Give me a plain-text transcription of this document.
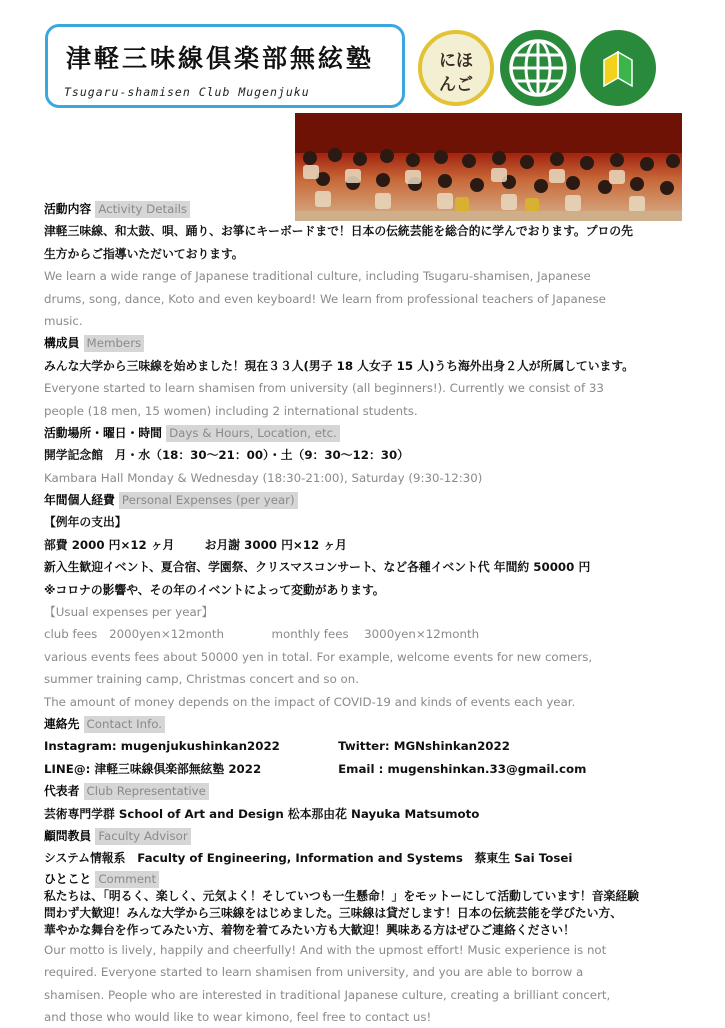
津軽三味線倶楽部無絃塾
Tsugaru-shamisen Club Mugenjuku
にほ
んご
活動内容 Activity Details
津軽三味線、和太鼓、唄、踊り、お箏にキーボードまで！日本の伝統芸能を総合的に学んでおります。プロの先
生方からご指導いただいております。
We learn a wide range of Japanese traditional culture, including Tsugaru-shamisen, Japanese
drums, song, dance, Koto and even keyboard! We learn from professional teachers of Japanese
music.
構成員 Members
みんな大学から三味線を始めました！現在３３人(男子 18 人女子 15 人)うち海外出身２人が所属しています。
Everyone started to learn shamisen from university (all beginners!). Currently we consist of 33
people (18 men, 15 women) including 2 international students.
活動場所・曜日・時間 Days & Hours, Location, etc.
開学記念館　月・水（18：30〜21：00）・土（9：30〜12：30）
Kambara Hall Monday & Wednesday (18:30-21:00), Saturday (9:30-12:30)
年間個人経費 Personal Expenses (per year)
【例年の支出】
部費 2000 円×12 ヶ月	お月謝 3000 円×12 ヶ月
新入生歓迎イベント、夏合宿、学園祭、クリスマスコンサート、など各種イベント代 年間約 50000 円
※コロナの影響や、その年のイベントによって変動があります。
【Usual expenses per year】
club fees　2000yen×12month	monthly fees　 3000yen×12month
various events fees about 50000 yen in total. For example, welcome events for new comers,
summer training camp, Christmas concert and so on.
The amount of money depends on the impact of COVID-19 and kinds of events each year.
連絡先 Contact Info.
Instagram: mugenjukushinkan2022	Twitter: MGNshinkan2022
LINE@: 津軽三味線倶楽部無絃塾 2022	Email : mugenshinkan.33@gmail.com
代表者 Club Representative
芸術専門学群 School of Art and Design 松本那由花 Nayuka Matsumoto
顧問教員 Faculty Advisor
システム情報系　Faculty of Engineering, Information and Systems　蔡東生 Sai Tosei
ひとこと Comment
私たちは、「明るく、楽しく、元気よく！そしていつも一生懸命！」をモットーにして活動しています！音楽経験
問わず大歓迎！みんな大学から三味線をはじめました。三味線は貸だします！日本の伝統芸能を学びたい方、
華やかな舞台を作ってみたい方、着物を着てみたい方も大歓迎！興味ある方はぜひご連絡ください！
Our motto is lively, happily and cheerfully! And with the upmost effort! Music experience is not
required. Everyone started to learn shamisen from university, and you are able to borrow a
shamisen. People who are interested in traditional Japanese culture, creating a brilliant concert,
and those who would like to wear kimono, feel free to contact us!
